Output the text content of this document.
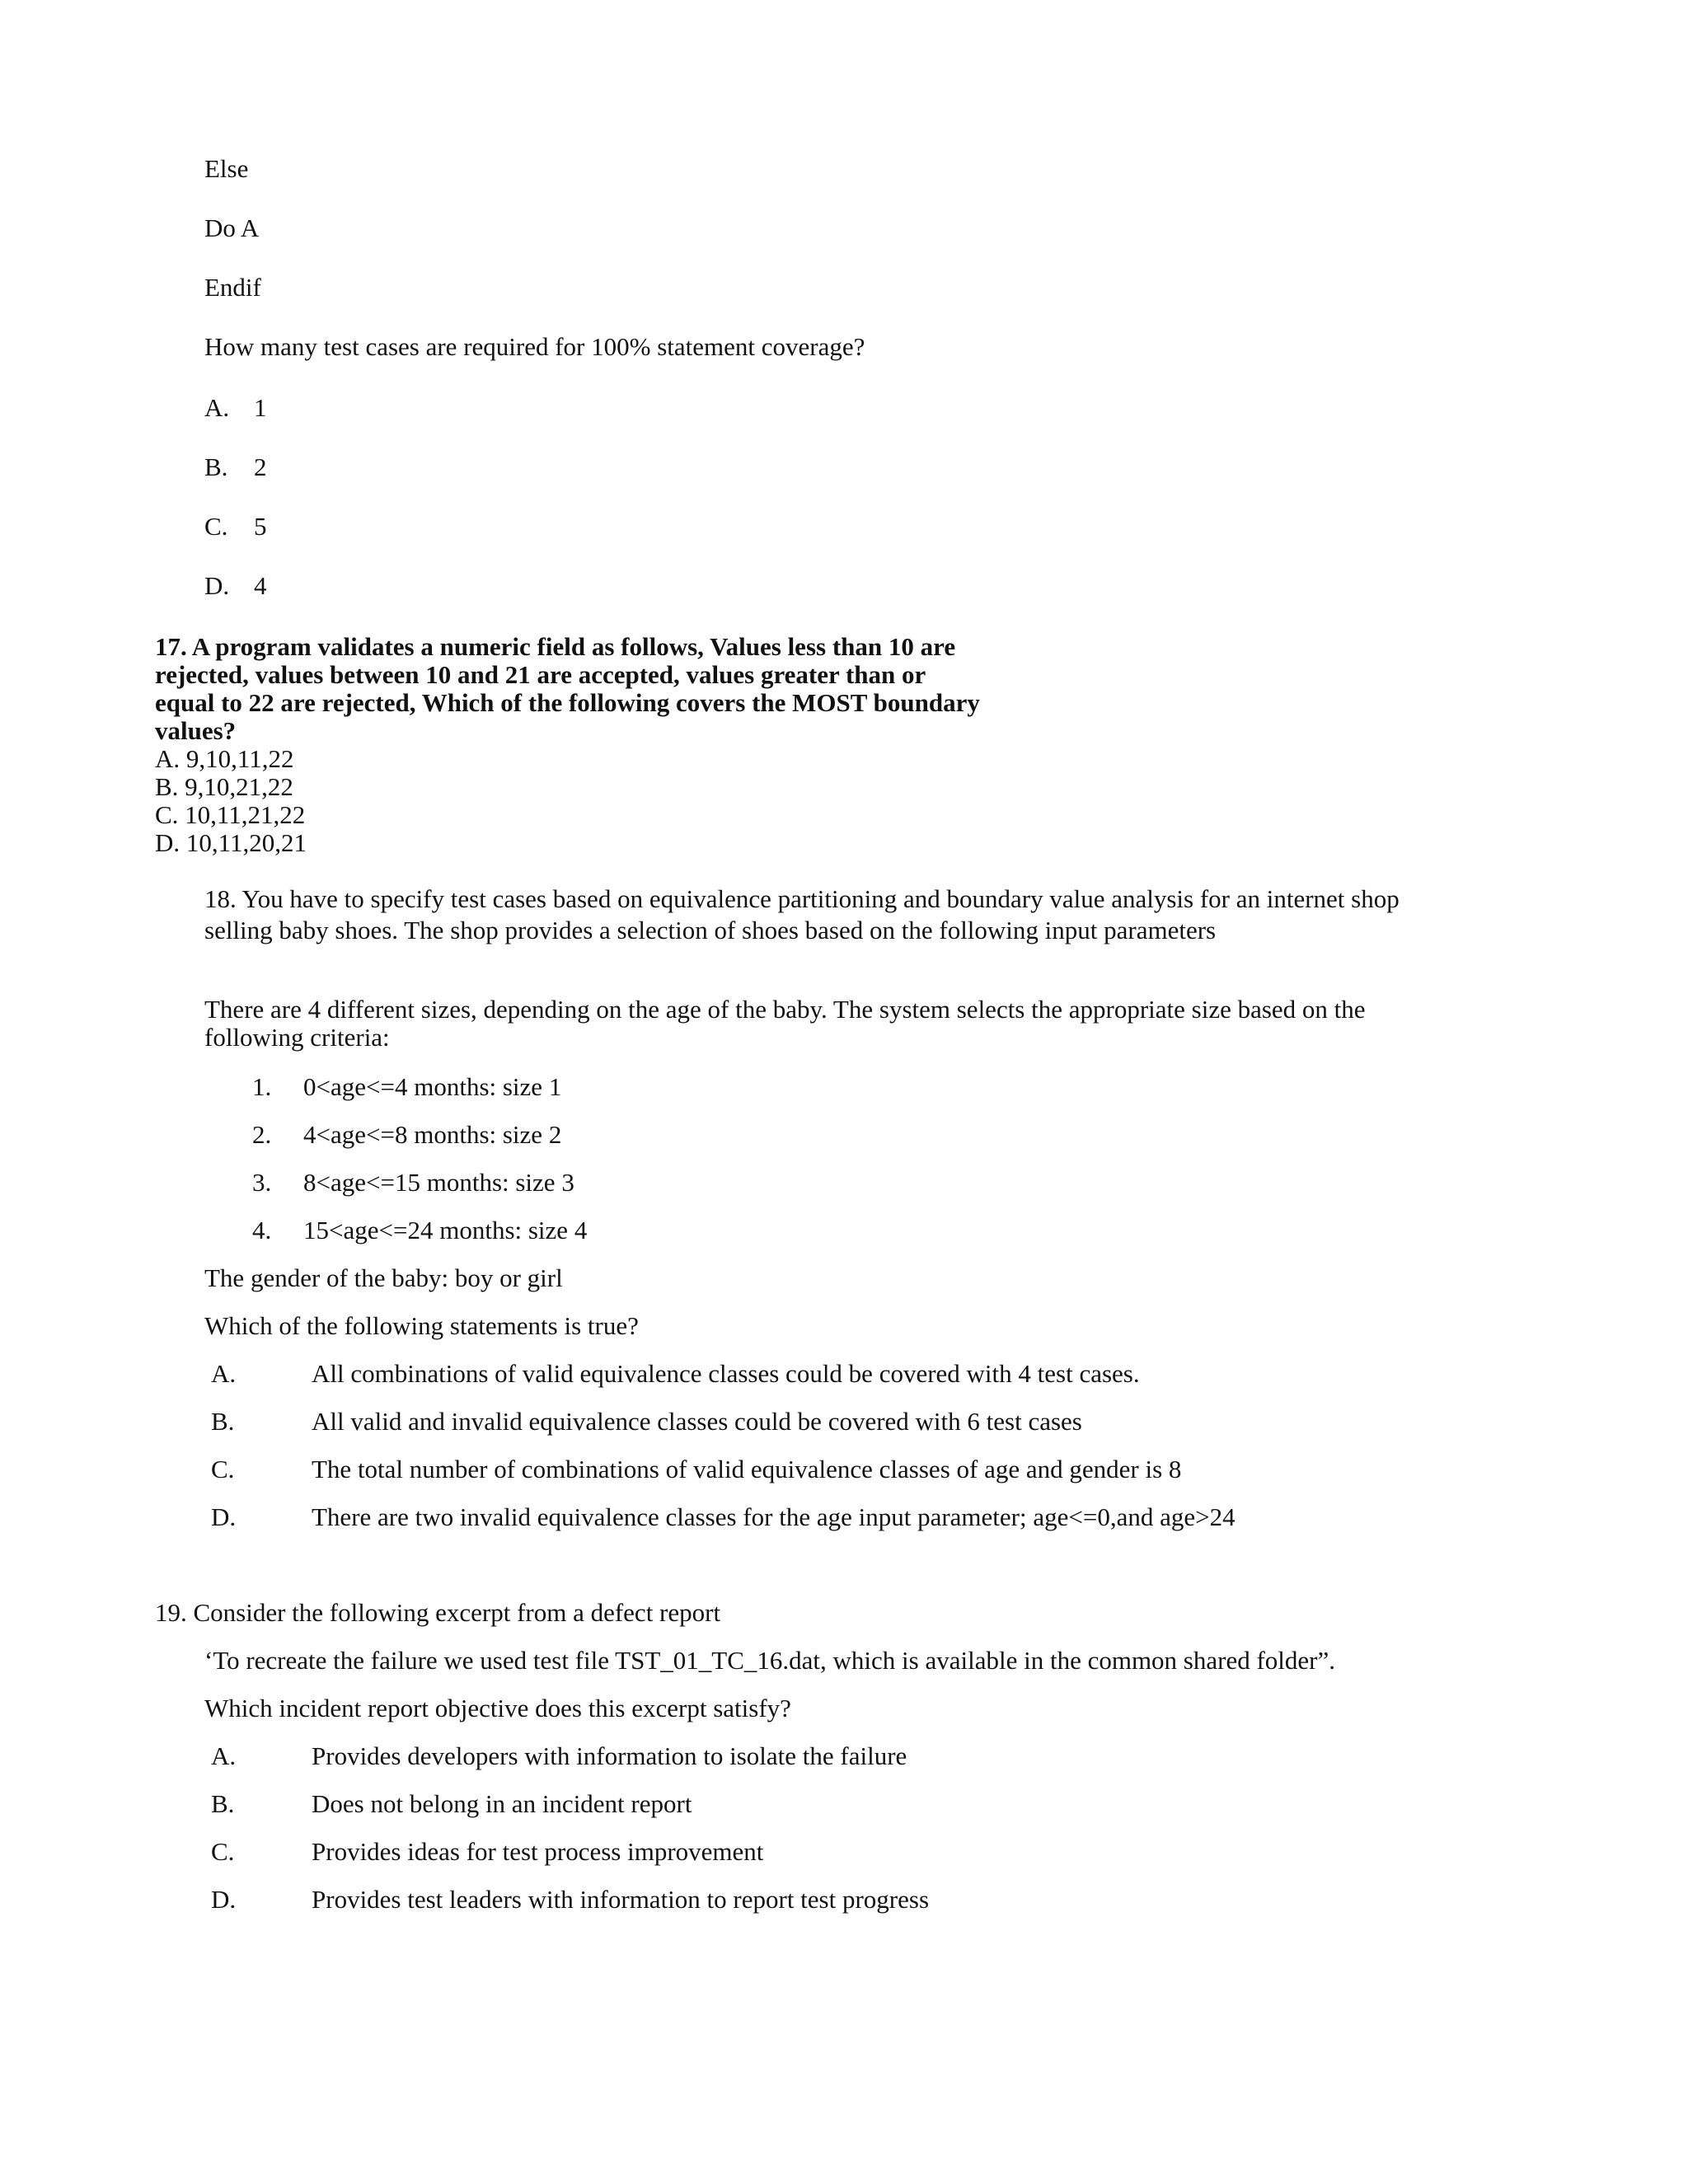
Else
Do A
Endif
How many test cases are required for 100% statement coverage?
A. 1
B. 2
C. 5
D. 4
17. A program validates a numeric field as follows, Values less than 10 are
rejected, values between 10 and 21 are accepted, values greater than or
equal to 22 are rejected, Which of the following covers the MOST boundary
values?
A. 9,10,11,22
B. 9,10,21,22
C. 10,11,21,22
D. 10,11,20,21
18. You have to specify test cases based on equivalence partitioning and boundary value analysis for an internet shop
selling baby shoes. The shop provides a selection of shoes based on the following input parameters
There are 4 different sizes, depending on the age of the baby. The system selects the appropriate size based on the
following criteria:
1. 0<age<=4 months: size 1
2. 4<age<=8 months: size 2
3. 8<age<=15 months: size 3
4. 15<age<=24 months: size 4
The gender of the baby: boy or girl
Which of the following statements is true?
A.	All combinations of valid equivalence classes could be covered with 4 test cases.
B.	All valid and invalid equivalence classes could be covered with 6 test cases
C.	The total number of combinations of valid equivalence classes of age and gender is 8
D.	There are two invalid equivalence classes for the age input parameter; age<=0,and age>24
19. Consider the following excerpt from a defect report
‘To recreate the failure we used test file TST_01_TC_16.dat, which is available in the common shared folder”.
Which incident report objective does this excerpt satisfy?
A.	Provides developers with information to isolate the failure
B.	Does not belong in an incident report
C.	Provides ideas for test process improvement
D.	Provides test leaders with information to report test progress
